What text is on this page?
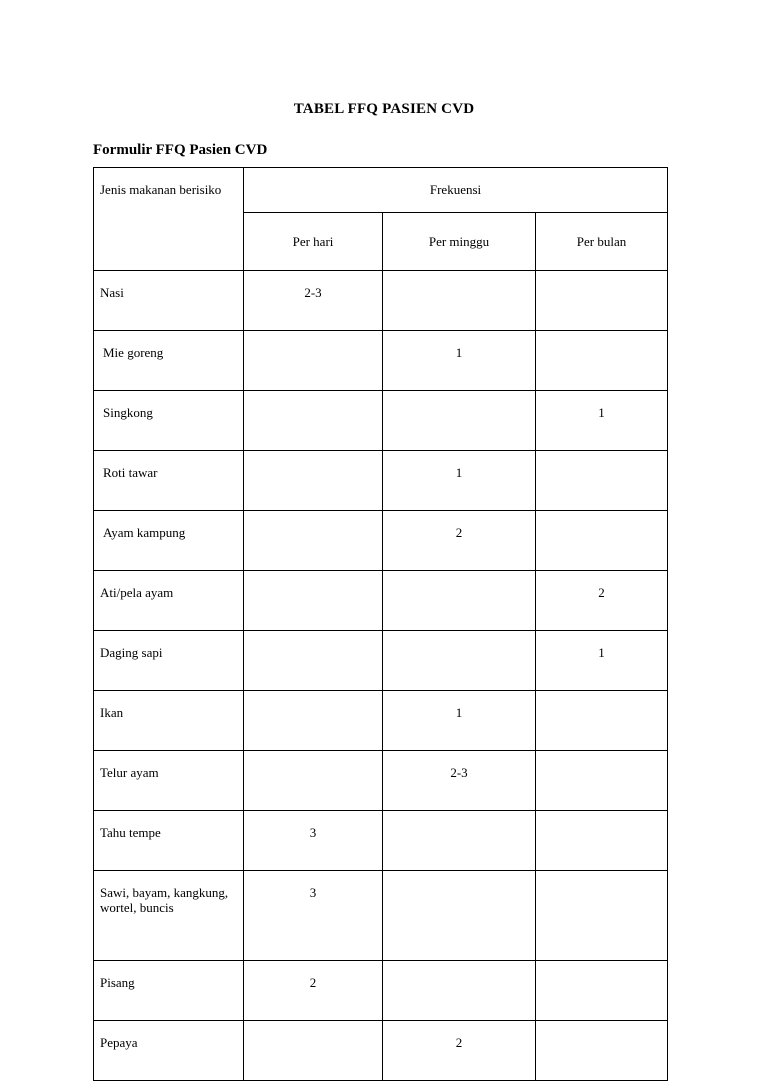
TABEL FFQ PASIEN CVD
Formulir FFQ Pasien CVD
Jenis makanan berisiko	Frekuensi		
	Per hari	Per minggu	Per bulan
Nasi	2-3		
Mie goreng		1	
Singkong			1
Roti tawar		1	
Ayam kampung		2	
Ati/pela ayam			2
Daging sapi			1
Ikan		1	
Telur ayam		2-3	
Tahu tempe	3		
Sawi, bayam, kangkung, wortel, buncis	3		
Pisang	2		
Pepaya		2	
